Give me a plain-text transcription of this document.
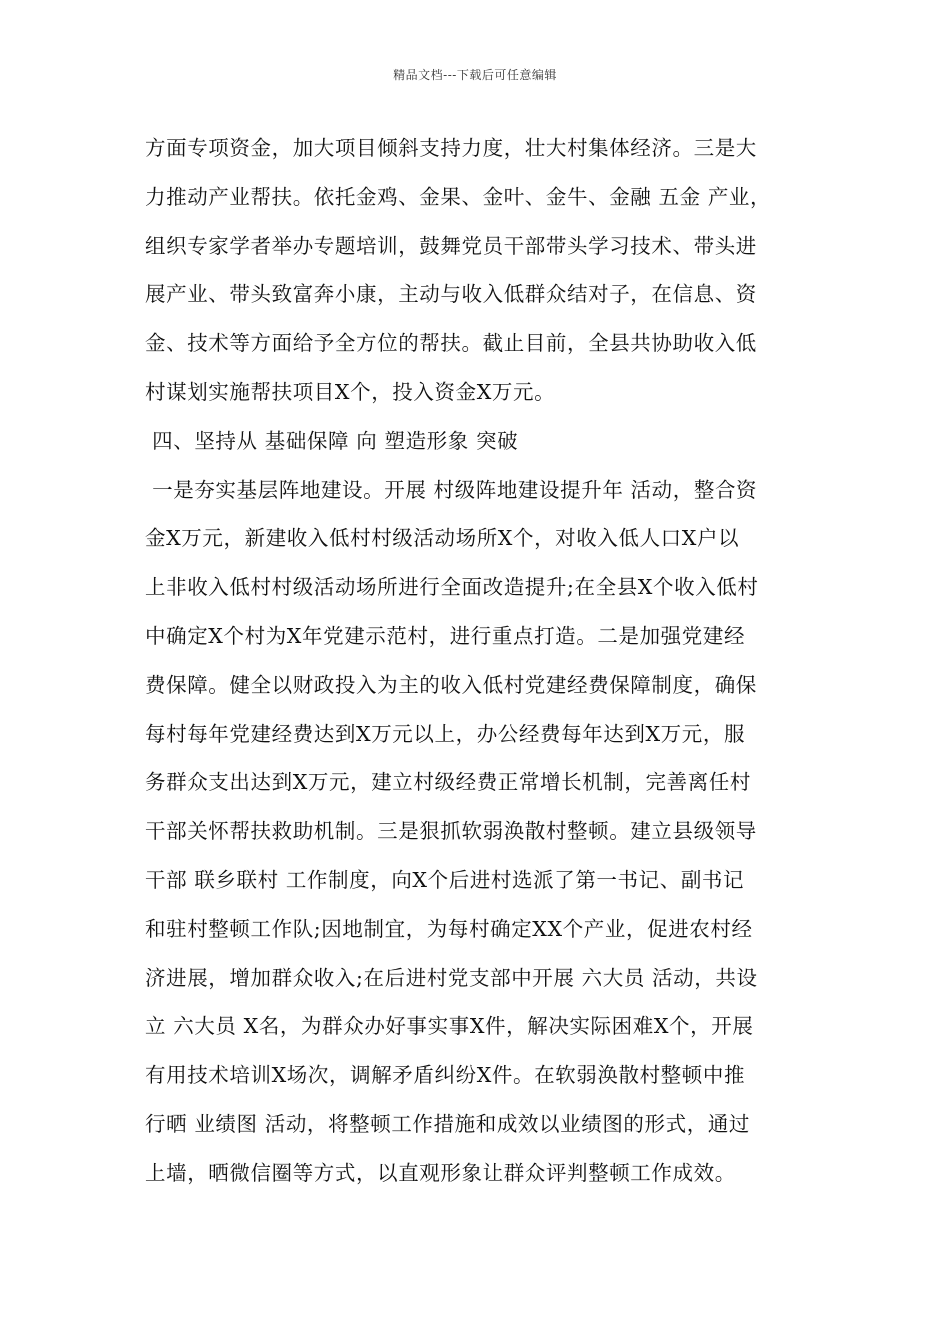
精品文档---下载后可任意编辑
方面专项资金，加大项目倾斜支持力度，壮大村集体经济。三是大
力推动产业帮扶。依托金鸡、金果、金叶、金牛、金融 五金 产业，
组织专家学者举办专题培训，鼓舞党员干部带头学习技术、带头进
展产业、带头致富奔小康，主动与收入低群众结对子，在信息、资
金、技术等方面给予全方位的帮扶。截止目前，全县共协助收入低
村谋划实施帮扶项目X个，投入资金X万元。
四、坚持从 基础保障 向 塑造形象 突破
一是夯实基层阵地建设。开展 村级阵地建设提升年 活动，整合资
金X万元，新建收入低村村级活动场所X个，对收入低人口X户以
上非收入低村村级活动场所进行全面改造提升;在全县X个收入低村
中确定X个村为X年党建示范村，进行重点打造。二是加强党建经
费保障。健全以财政投入为主的收入低村党建经费保障制度，确保
每村每年党建经费达到X万元以上，办公经费每年达到X万元，服
务群众支出达到X万元，建立村级经费正常增长机制，完善离任村
干部关怀帮扶救助机制。三是狠抓软弱涣散村整顿。建立县级领导
干部 联乡联村 工作制度，向X个后进村选派了第一书记、副书记
和驻村整顿工作队;因地制宜，为每村确定XX个产业，促进农村经
济进展，增加群众收入;在后进村党支部中开展 六大员 活动，共设
立 六大员 X名，为群众办好事实事X件，解决实际困难X个，开展
有用技术培训X场次，调解矛盾纠纷X件。在软弱涣散村整顿中推
行晒 业绩图 活动，将整顿工作措施和成效以业绩图的形式，通过
上墙，晒微信圈等方式，以直观形象让群众评判整顿工作成效。
